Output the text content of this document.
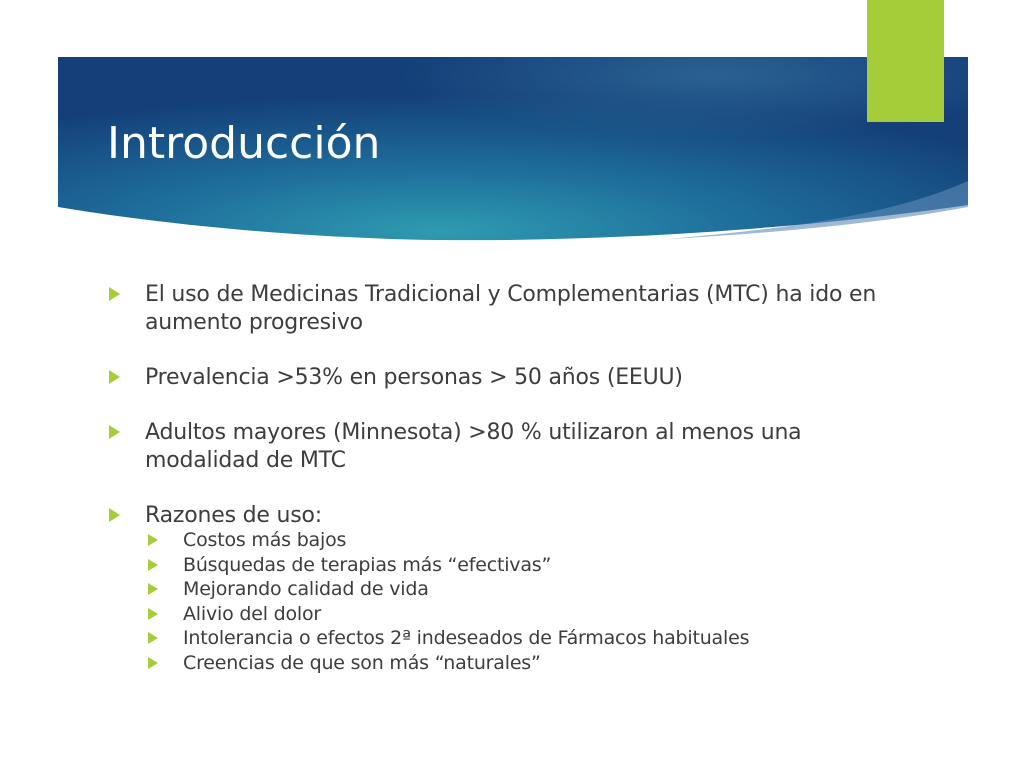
Introducción
El uso de Medicinas Tradicional y Complementarias (MTC) ha ido en aumento progresivo
Prevalencia >53% en personas > 50 años (EEUU)
Adultos mayores (Minnesota) >80 % utilizaron al menos una modalidad de MTC
Razones de uso:
Costos más bajos
Búsquedas de terapias más “efectivas”
Mejorando calidad de vida
Alivio del dolor
Intolerancia o efectos 2ª indeseados de Fármacos habituales
Creencias de que son más “naturales”
